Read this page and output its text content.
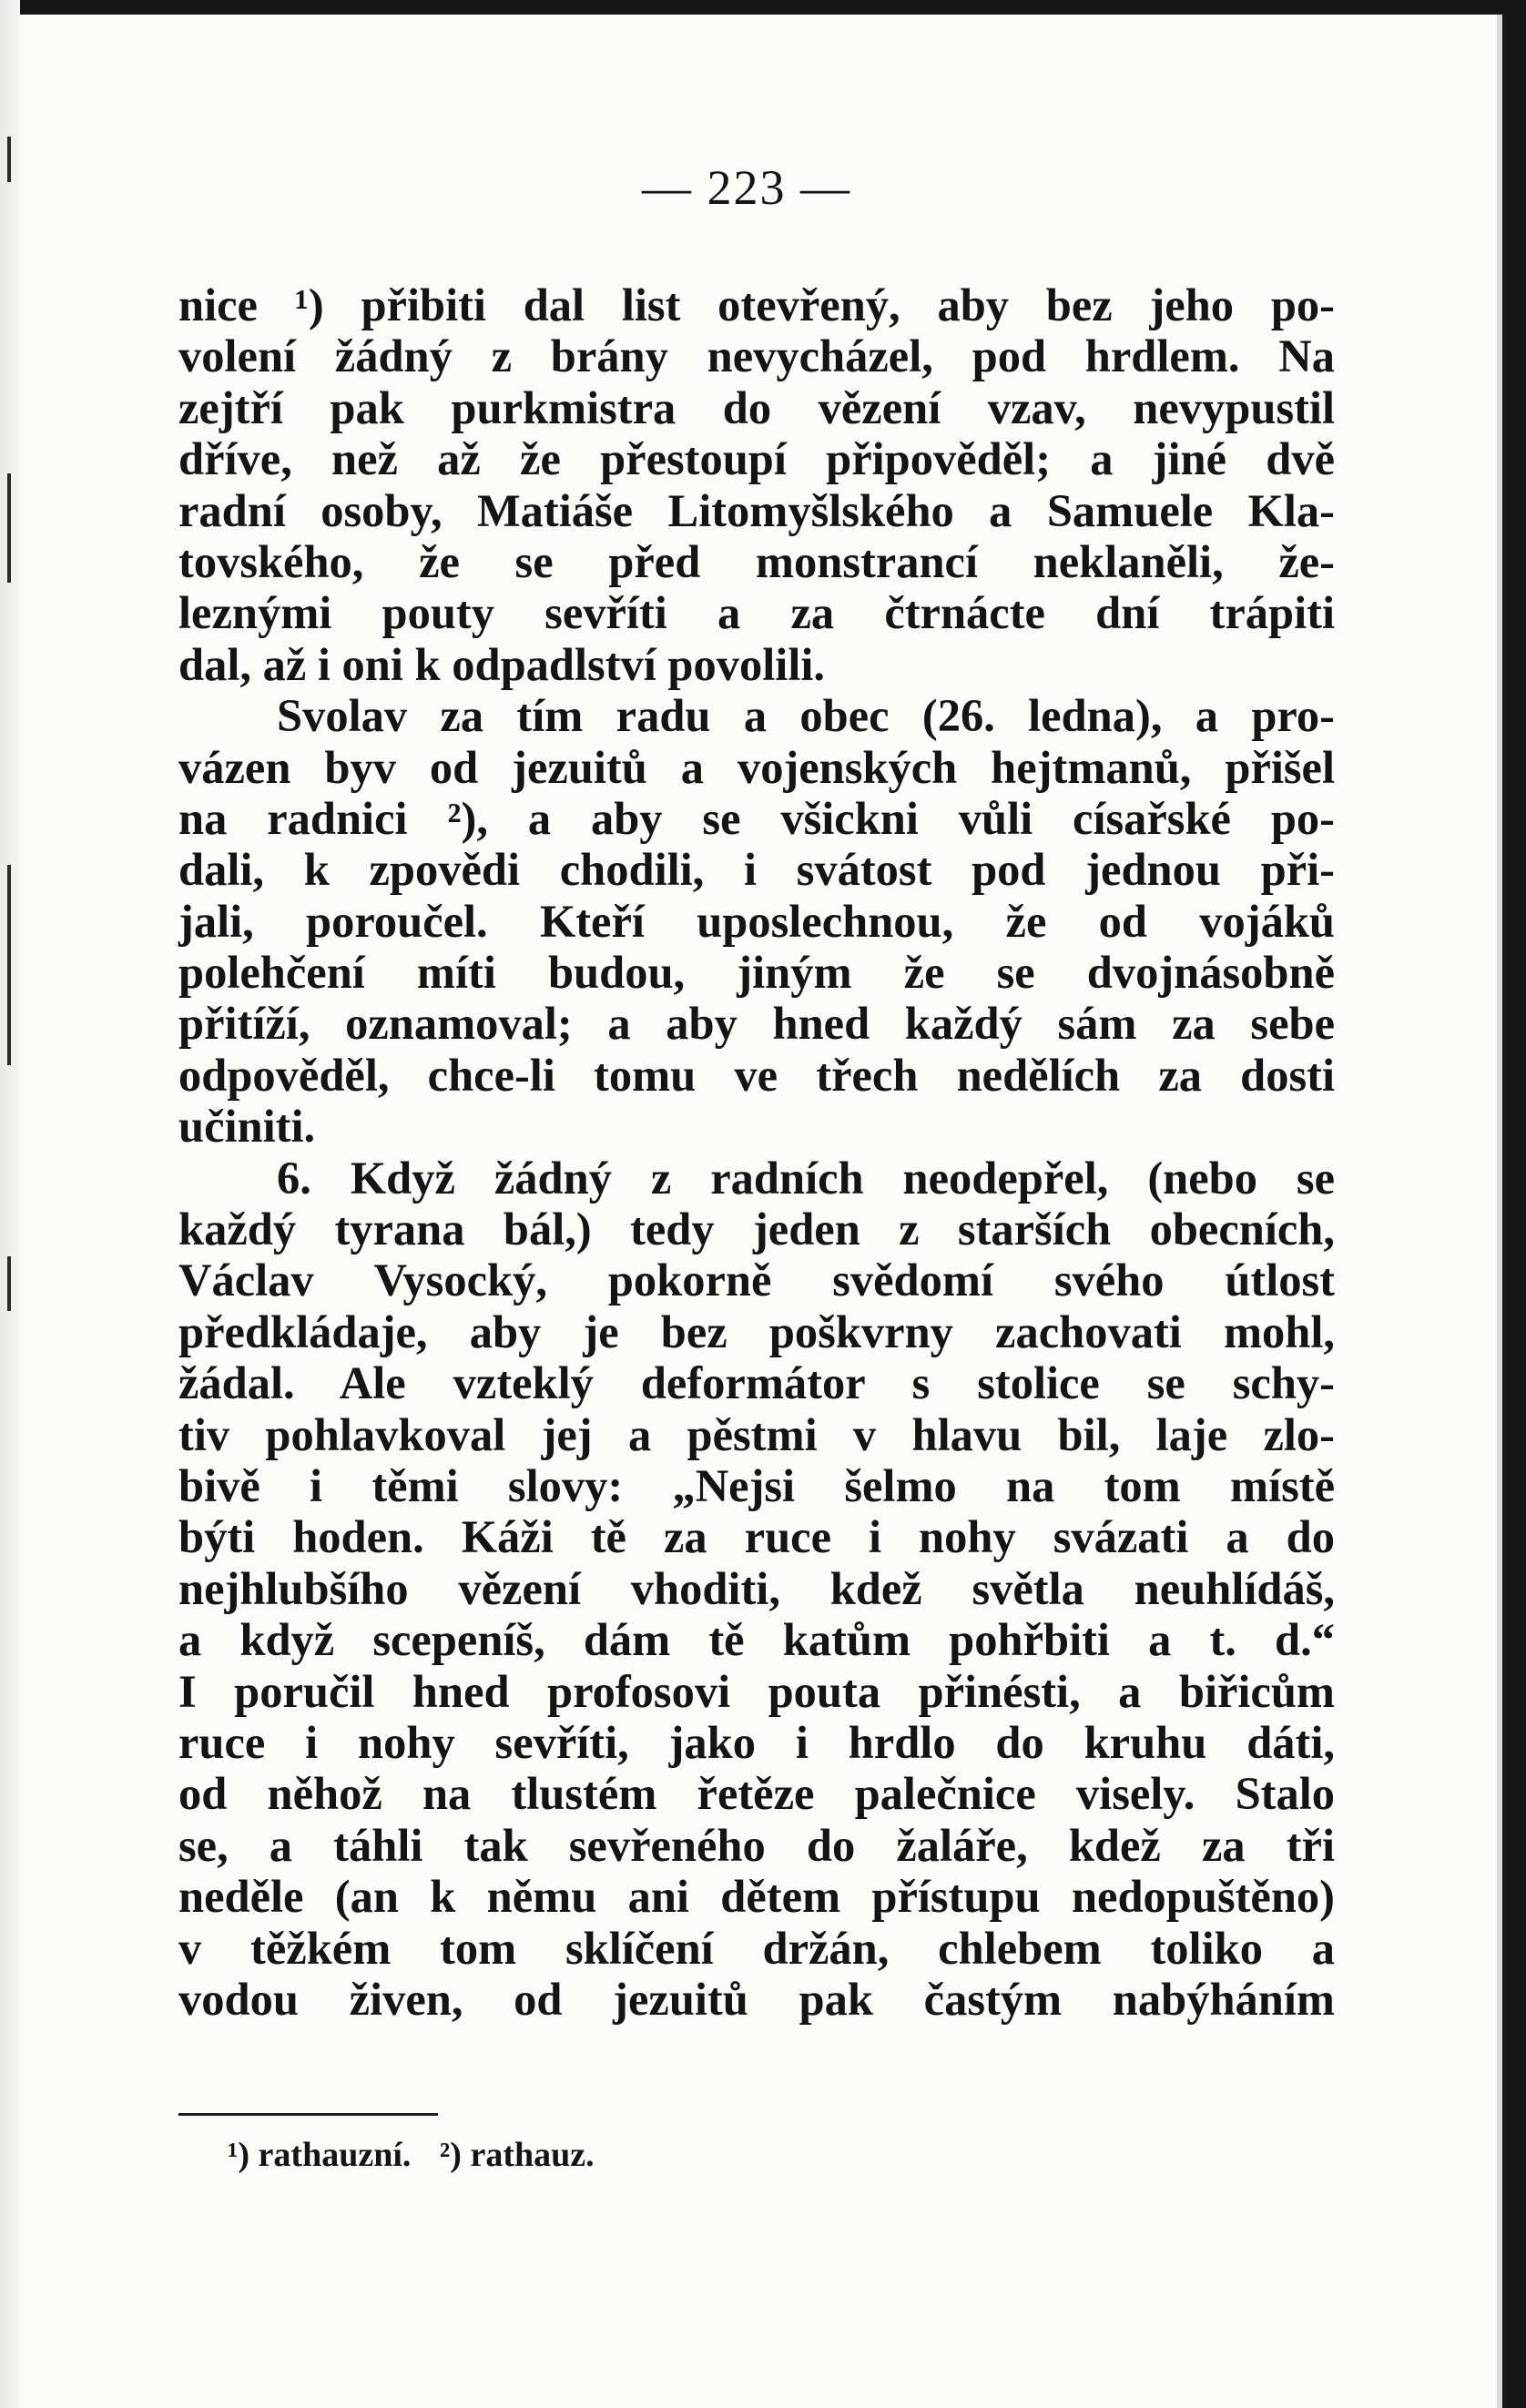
— 223 —
nice ¹) přibiti dal list otevřený, aby bez jeho po-
volení žádný z brány nevycházel, pod hrdlem. Na
zejtří pak purkmistra do vězení vzav, nevypustil
dříve, než až že přestoupí připověděl; a jiné dvě
radní osoby, Matiáše Litomyšlského a Samuele Kla-
tovského, že se před monstrancí neklaněli, že-
leznými pouty sevříti a za čtrnácte dní trápiti
dal, až i oni k odpadlství povolili.
Svolav za tím radu a obec (26. ledna), a pro-
vázen byv od jezuitů a vojenských hejtmanů, přišel
na radnici ²), a aby se všickni vůli císařské po-
dali, k zpovědi chodili, i svátost pod jednou při-
jali, poroučel. Kteří uposlechnou, že od vojáků
polehčení míti budou, jiným že se dvojnásobně
přitíží, oznamoval; a aby hned každý sám za sebe
odpověděl, chce-li tomu ve třech nedělích za dosti
učiniti.
6. Když žádný z radních neodepřel, (nebo se
každý tyrana bál,) tedy jeden z starších obecních,
Václav Vysocký, pokorně svědomí svého útlost
předkládaje, aby je bez poškvrny zachovati mohl,
žádal. Ale vzteklý deformátor s stolice se schy-
tiv pohlavkoval jej a pěstmi v hlavu bil, laje zlo-
bivě i těmi slovy: „Nejsi šelmo na tom místě
býti hoden. Káži tě za ruce i nohy svázati a do
nejhlubšího vězení vhoditi, kdež světla neuhlídáš,
a když scepeníš, dám tě katům pohřbiti a t. d.“
I poručil hned profosovi pouta přinésti, a biřicům
ruce i nohy sevříti, jako i hrdlo do kruhu dáti,
od něhož na tlustém řetěze palečnice visely. Stalo
se, a táhli tak sevřeného do žaláře, kdež za tři
neděle (an k němu ani dětem přístupu nedopuštěno)
v těžkém tom sklíčení držán, chlebem toliko a
vodou živen, od jezuitů pak častým nabýháním
¹) rathauzní. ²) rathauz.
